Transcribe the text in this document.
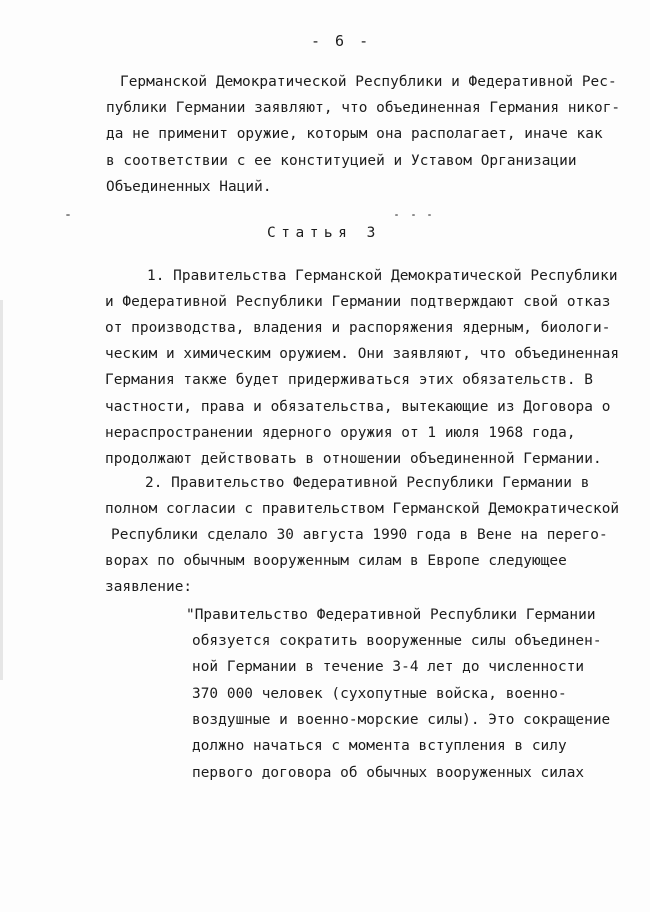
- 6 -
Германской Демократической Республики и Федеративной Рес-
публики Германии заявляют, что объединенная Германия никог-
да не применит оружие, которым она располагает, иначе как
в соответствии с ее конституцией и Уставом Организации
Объединенных Наций.
Статья 3
1. Правительства Германской Демократической Республики
и Федеративной Республики Германии подтверждают свой отказ
от производства, владения и распоряжения ядерным, биологи-
ческим и химическим оружием. Они заявляют, что объединенная
Германия также будет придерживаться этих обязательств. В
частности, права и обязательства, вытекающие из Договора о
нераспространении ядерного оружия от 1 июля 1968 года,
продолжают действовать в отношении объединенной Германии.
2. Правительство Федеративной Республики Германии в
полном согласии с правительством Германской Демократической
Республики сделало 30 августа 1990 года в Вене на перего-
ворах по обычным вооруженным силам в Европе следующее
заявление:
"Правительство Федеративной Республики Германии
обязуется сократить вооруженные силы объединен-
ной Германии в течение 3-4 лет до численности
370 000 человек (сухопутные войска, военно-
воздушные и военно-морские силы). Это сокращение
должно начаться с момента вступления в силу
первого договора об обычных вооруженных силах
